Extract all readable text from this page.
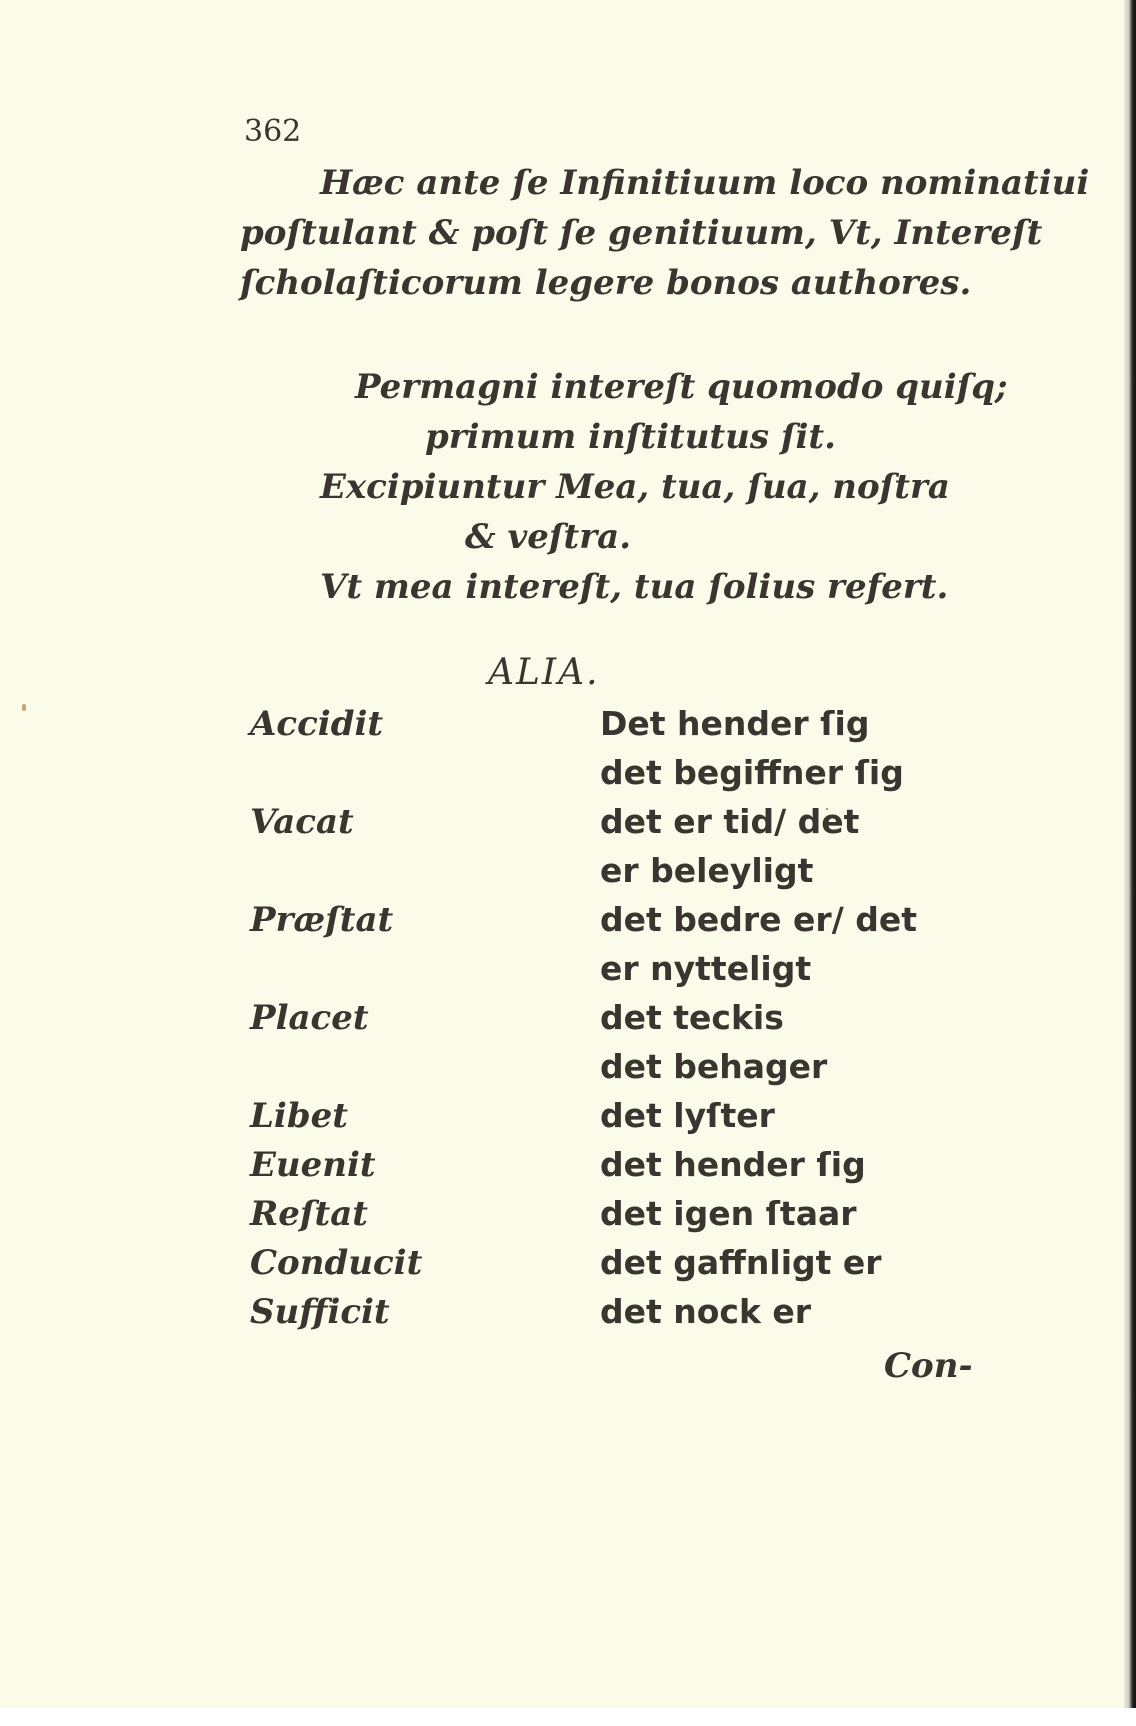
362
Hæc ante ſe Infinitiuum loco nominatiui
poſtulant & poſt ſe genitiuum, Vt, Intereſt
ſcholaſticorum legere bonos authores.
Permagni intereſt quomodo quiſq;
primum inſtitutus ſit.
Excipiuntur Mea, tua, ſua, noſtra
& veſtra.
Vt mea intereſt, tua ſolius refert.
ALIA.
Accidit	Det hender ſig
det begiffner ſig
Vacat	det er tid/ det
er beleyligt
Præſtat	det bedre er/ det
er nytteligt
Placet	det teckis
det behager
Libet	det lyſter
Euenit	det hender ſig
Reſtat	det igen ſtaar
Conducit	det gaffnligt er
Sufficit	det nock er
Con-
